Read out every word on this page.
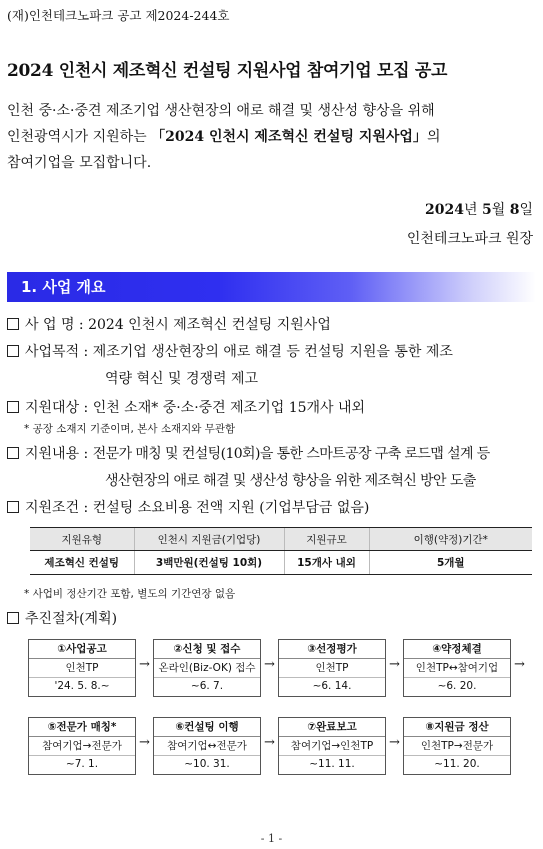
(재)인천테크노파크 공고 제2024-244호
2024 인천시 제조혁신 컨설팅 지원사업 참여기업 모집 공고
인천 중·소·중견 제조기업 생산현장의 애로 해결 및 생산성 향상을 위해
인천광역시가 지원하는 「2024 인천시 제조혁신 컨설팅 지원사업」의
참여기업을 모집합니다.
2024년 5월 8일
인천테크노파크 원장
1. 사업 개요
사 업 명 : 2024 인천시 제조혁신 컨설팅 지원사업
사업목적 : 제조기업 생산현장의 애로 해결 등 컨설팅 지원을 통한 제조
역량 혁신 및 경쟁력 제고
지원대상 : 인천 소재* 중·소·중견 제조기업 15개사 내외
* 공장 소재지 기준이며, 본사 소재지와 무관함
지원내용 : 전문가 매칭 및 컨설팅(10회)을 통한 스마트공장 구축 로드맵 설계 등
생산현장의 애로 해결 및 생산성 향상을 위한 제조혁신 방안 도출
지원조건 : 컨설팅 소요비용 전액 지원 (기업부담금 없음)
지원유형	인천시 지원금(기업당)	지원규모	이행(약정)기간*
제조혁신 컨설팅	3백만원(컨설팅 10회)	15개사 내외	5개월
* 사업비 정산기간 포함, 별도의 기간연장 없음
추진절차(계획)
①사업공고
인천TP
'24. 5. 8.~
→
②신청 및 접수
온라인(Biz-OK) 접수
~6. 7.
→
③선정평가
인천TP
~6. 14.
→
④약정체결
인천TP↔참여기업
~6. 20.
→
⑤전문가 매칭*
참여기업→전문가
~7. 1.
→
⑥컨설팅 이행
참여기업↔전문가
~10. 31.
→
⑦완료보고
참여기업→인천TP
~11. 11.
→
⑧지원금 정산
인천TP→전문가
~11. 20.
- 1 -
